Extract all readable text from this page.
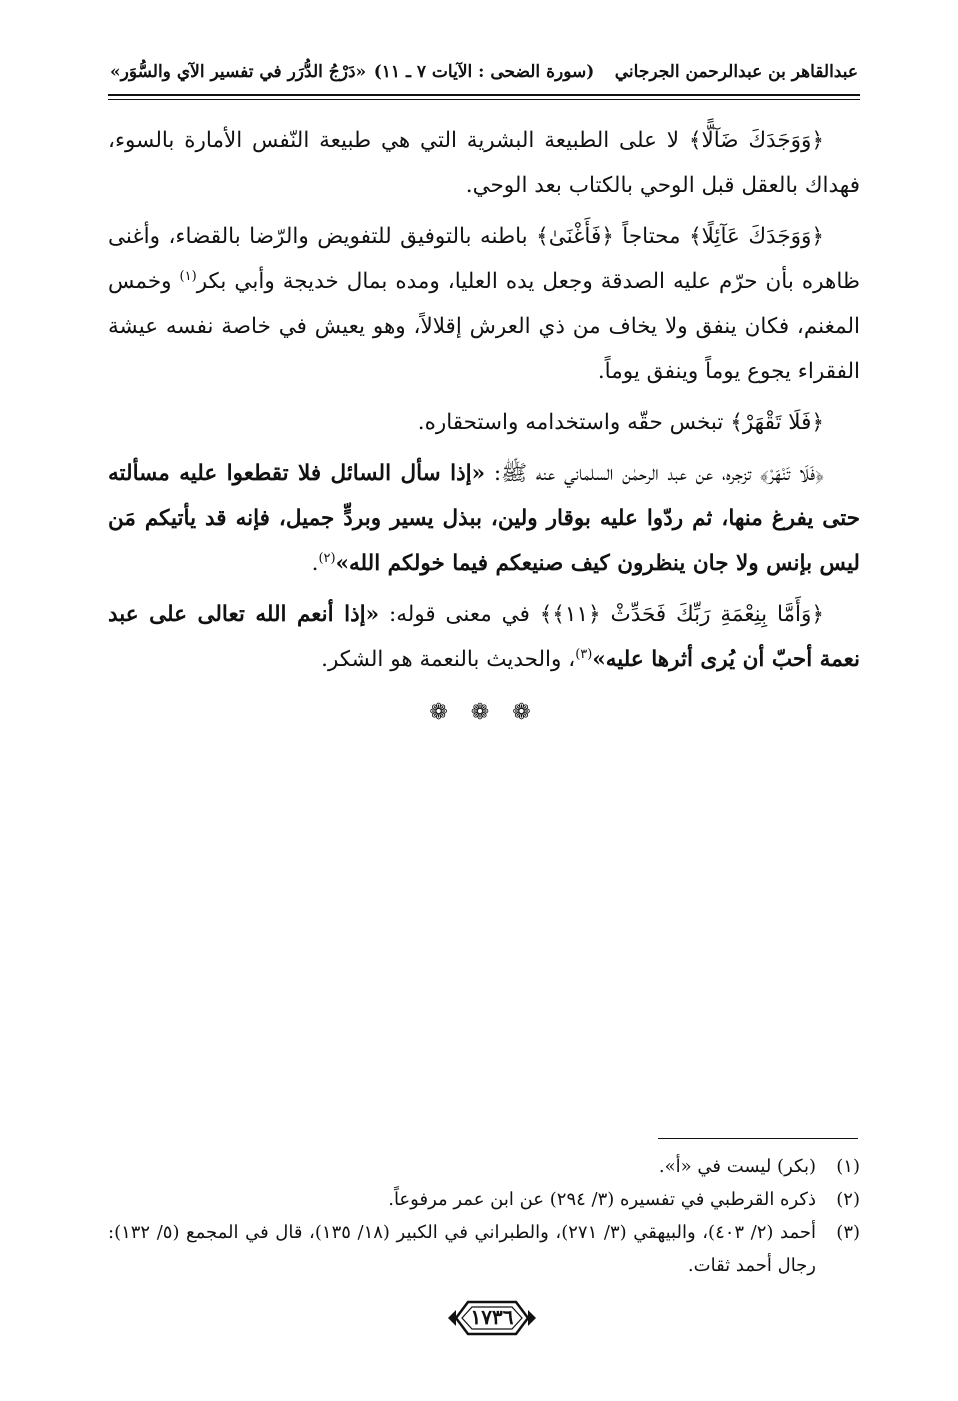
عبدالقاهر بن عبدالرحمن الجرجاني
(سورة الضحى : الآيات ٧ ـ ١١)
«دَرْجُ الدُّرَر في تفسير الآي والسُّوَر»

﴿وَوَجَدَكَ ضَآلًّا﴾ لا على الطبيعة البشرية التي هي طبيعة النّفس الأمارة بالسوء، فهداك بالعقل قبل الوحي بالكتاب بعد الوحي.

﴿وَوَجَدَكَ عَآئِلًا﴾ محتاجاً ﴿فَأَغْنَىٰ﴾ باطنه بالتوفيق للتفويض والرّضا بالقضاء، وأغنى ظاهره بأن حرّم عليه الصدقة وجعل يده العليا، ومده بمال خديجة وأبي بكر$^{(١)}$ وخمس المغنم، فكان ينفق ولا يخاف من ذي العرش إقلالاً، وهو يعيش في خاصة نفسه عيشة الفقراء يجوع يوماً وينفق يوماً.

﴿فَلَا تَقْهَرْ﴾ تبخس حقّه واستخدامه واستحقاره.

﴿فَلَا تَنْهَرْ﴾ تزجره، عن عبد الرحمٰن السلماني عنه ﷺ: «إذا سأل السائل فلا تقطعوا عليه مسألته حتى يفرغ منها، ثم ردّوا عليه بوقار ولين، ببذل يسير وبردٍّ جميل، فإنه قد يأتيكم مَن ليس بإنس ولا جان ينظرون كيف صنيعكم فيما خولكم الله»$^{(٢)}$.

﴿وَأَمَّا بِنِعْمَةِ رَبِّكَ فَحَدِّثْ ﴿١١﴾﴾ في معنى قوله: «إذا أنعم الله تعالى على عبد نعمة أحبّ أن يُرى أثرها عليه»$^{(٣)}$، والحديث بالنعمة هو الشكر.

❁ ❁ ❁

(١)(بكر) ليست في «أ».

(٢)ذكره القرطبي في تفسيره (٣/ ٢٩٤) عن ابن عمر مرفوعاً.

(٣)أحمد (٢/ ٤٠٣)، والبيهقي (٣/ ٢٧١)، والطبراني في الكبير (١٨/ ١٣٥)، قال في المجمع (٥/ ١٣٢): رجال أحمد ثقات.

١٧٣٦
